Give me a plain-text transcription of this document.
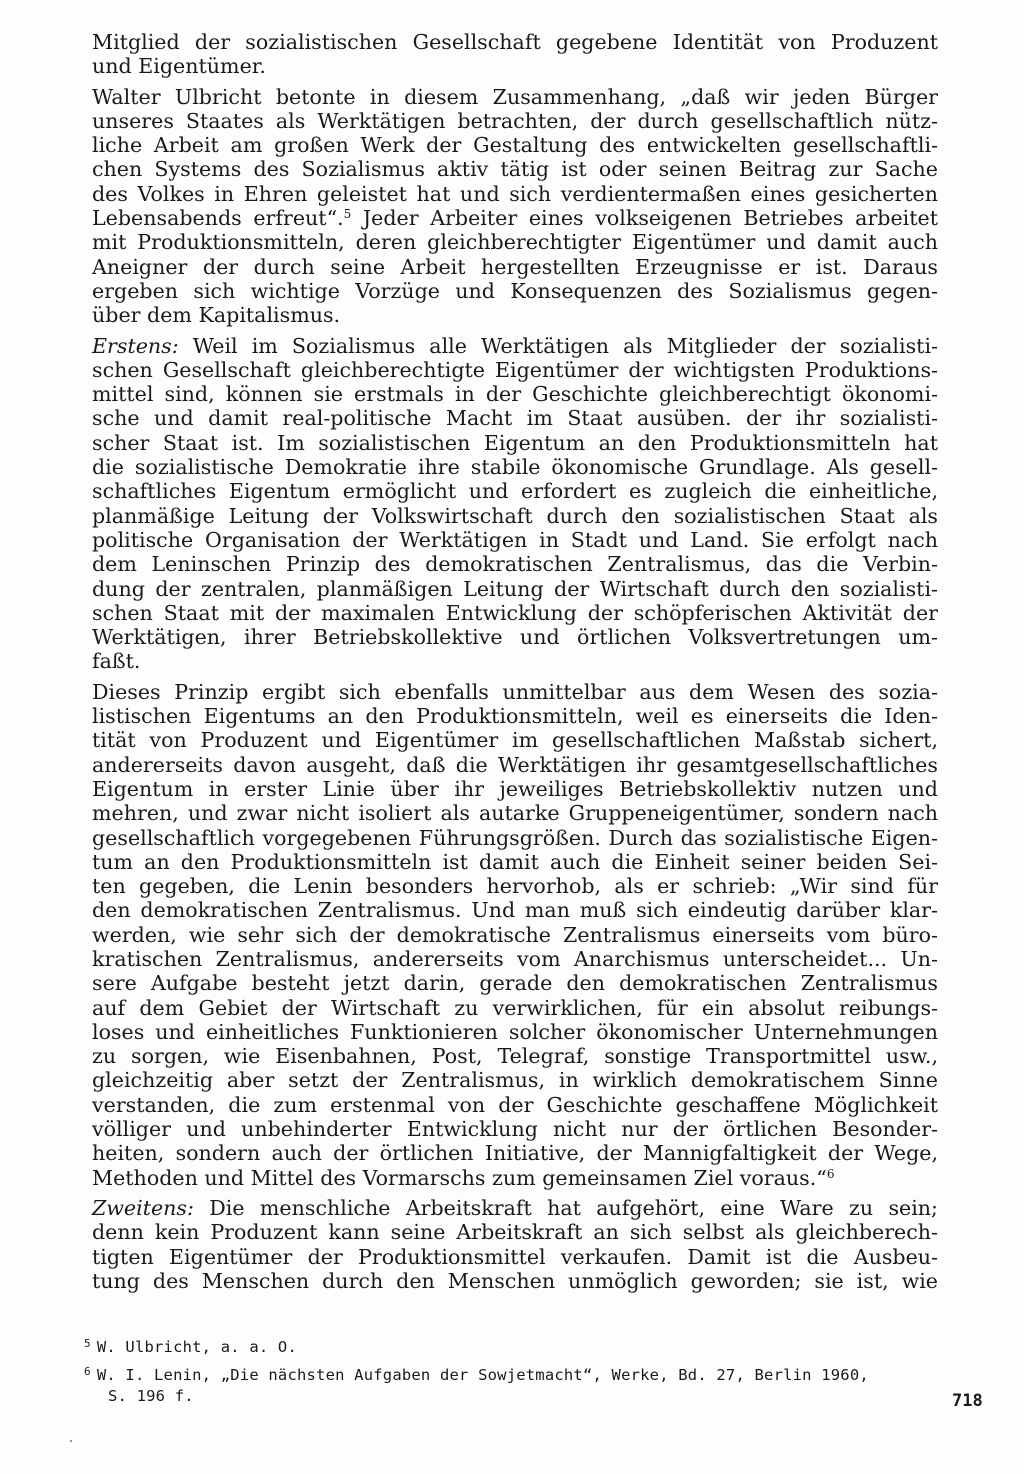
Mitglied der sozialistischen Gesellschaft gegebene Identität von Produzent
und Eigentümer.

Walter Ulbricht betonte in diesem Zusammenhang, „daß wir jeden Bürger
unseres Staates als Werktätigen betrachten, der durch gesellschaftlich nütz-
liche Arbeit am großen Werk der Gestaltung des entwickelten gesellschaftli-
chen Systems des Sozialismus aktiv tätig ist oder seinen Beitrag zur Sache
des Volkes in Ehren geleistet hat und sich verdientermaßen eines gesicherten
Lebensabends erfreut“.$^5$ Jeder Arbeiter eines volkseigenen Betriebes arbeitet
mit Produktionsmitteln, deren gleichberechtigter Eigentümer und damit auch
Aneigner der durch seine Arbeit hergestellten Erzeugnisse er ist. Daraus
ergeben sich wichtige Vorzüge und Konsequenzen des Sozialismus gegen-
über dem Kapitalismus.

Erstens: Weil im Sozialismus alle Werktätigen als Mitglieder der sozialisti-
schen Gesellschaft gleichberechtigte Eigentümer der wichtigsten Produktions-
mittel sind, können sie erstmals in der Geschichte gleichberechtigt ökonomi-
sche und damit real-politische Macht im Staat ausüben. der ihr sozialisti-
scher Staat ist. Im sozialistischen Eigentum an den Produktionsmitteln hat
die sozialistische Demokratie ihre stabile ökonomische Grundlage. Als gesell-
schaftliches Eigentum ermöglicht und erfordert es zugleich die einheitliche,
planmäßige Leitung der Volkswirtschaft durch den sozialistischen Staat als
politische Organisation der Werktätigen in Stadt und Land. Sie erfolgt nach
dem Leninschen Prinzip des demokratischen Zentralismus, das die Verbin-
dung der zentralen, planmäßigen Leitung der Wirtschaft durch den sozialisti-
schen Staat mit der maximalen Entwicklung der schöpferischen Aktivität der
Werktätigen, ihrer Betriebskollektive und örtlichen Volksvertretungen um-
faßt.

Dieses Prinzip ergibt sich ebenfalls unmittelbar aus dem Wesen des sozia-
listischen Eigentums an den Produktionsmitteln, weil es einerseits die Iden-
tität von Produzent und Eigentümer im gesellschaftlichen Maßstab sichert,
andererseits davon ausgeht, daß die Werktätigen ihr gesamtgesellschaftliches
Eigentum in erster Linie über ihr jeweiliges Betriebskollektiv nutzen und
mehren, und zwar nicht isoliert als autarke Gruppeneigentümer, sondern nach
gesellschaftlich vorgegebenen Führungsgrößen. Durch das sozialistische Eigen-
tum an den Produktionsmitteln ist damit auch die Einheit seiner beiden Sei-
ten gegeben, die Lenin besonders hervorhob, als er schrieb: „Wir sind für
den demokratischen Zentralismus. Und man muß sich eindeutig darüber klar-
werden, wie sehr sich der demokratische Zentralismus einerseits vom büro-
kratischen Zentralismus, andererseits vom Anarchismus unterscheidet... Un-
sere Aufgabe besteht jetzt darin, gerade den demokratischen Zentralismus
auf dem Gebiet der Wirtschaft zu verwirklichen, für ein absolut reibungs-
loses und einheitliches Funktionieren solcher ökonomischer Unternehmungen
zu sorgen, wie Eisenbahnen, Post, Telegraf, sonstige Transportmittel usw.,
gleichzeitig aber setzt der Zentralismus, in wirklich demokratischem Sinne
verstanden, die zum erstenmal von der Geschichte geschaffene Möglichkeit
völliger und unbehinderter Entwicklung nicht nur der örtlichen Besonder-
heiten, sondern auch der örtlichen Initiative, der Mannigfaltigkeit der Wege,
Methoden und Mittel des Vormarschs zum gemeinsamen Ziel voraus.“$^6$

Zweitens: Die menschliche Arbeitskraft hat aufgehört, eine Ware zu sein;
denn kein Produzent kann seine Arbeitskraft an sich selbst als gleichberech-
tigten Eigentümer der Produktionsmittel verkaufen. Damit ist die Ausbeu-
tung des Menschen durch den Menschen unmöglich geworden; sie ist, wie

$^5$ W. Ulbricht, a. a. O.
$^6$ W. I. Lenin, „Die nächsten Aufgaben der Sowjetmacht“, Werke, Bd. 27, Berlin 1960,
S. 196 f.	718
